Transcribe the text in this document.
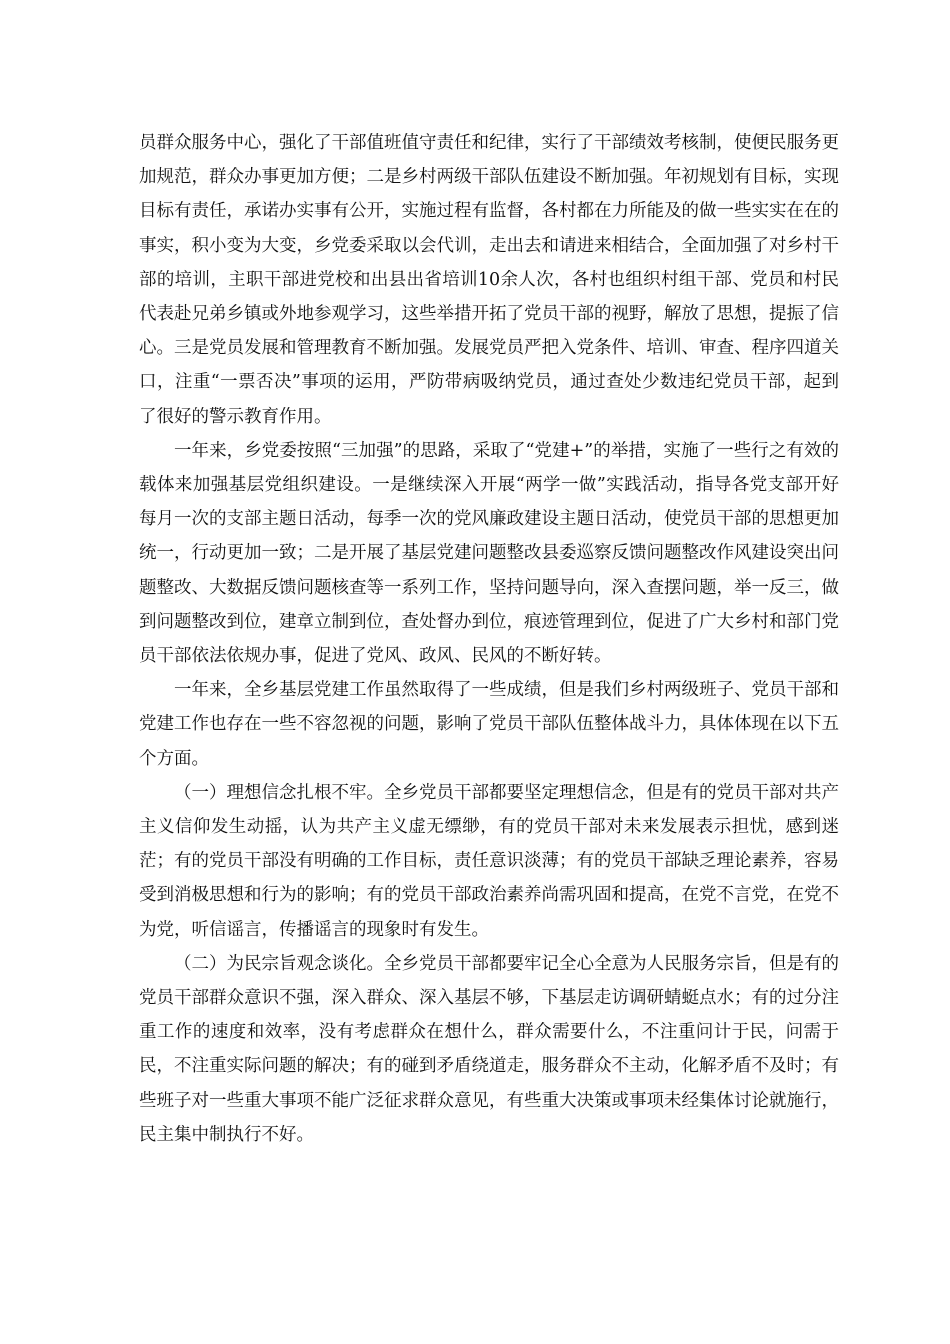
员群众服务中心，强化了干部值班值守责任和纪律，实行了干部绩效考核制，使便民服务更加规范，群众办事更加方便；二是乡村两级干部队伍建设不断加强。年初规划有目标，实现目标有责任，承诺办实事有公开，实施过程有监督，各村都在力所能及的做一些实实在在的事实，积小变为大变，乡党委采取以会代训，走出去和请进来相结合，全面加强了对乡村干部的培训，主职干部进党校和出县出省培训10余人次，各村也组织村组干部、党员和村民代表赴兄弟乡镇或外地参观学习，这些举措开拓了党员干部的视野，解放了思想，提振了信心。三是党员发展和管理教育不断加强。发展党员严把入党条件、培训、审查、程序四道关口，注重“一票否决”事项的运用，严防带病吸纳党员，通过查处少数违纪党员干部，起到了很好的警示教育作用。

一年来，乡党委按照“三加强”的思路，采取了“党建+”的举措，实施了一些行之有效的载体来加强基层党组织建设。一是继续深入开展“两学一做”实践活动，指导各党支部开好每月一次的支部主题日活动，每季一次的党风廉政建设主题日活动，使党员干部的思想更加统一，行动更加一致；二是开展了基层党建问题整改县委巡察反馈问题整改作风建设突出问题整改、大数据反馈问题核查等一系列工作，坚持问题导向，深入查摆问题，举一反三，做到问题整改到位，建章立制到位，查处督办到位，痕迹管理到位，促进了广大乡村和部门党员干部依法依规办事，促进了党风、政风、民风的不断好转。

一年来，全乡基层党建工作虽然取得了一些成绩，但是我们乡村两级班子、党员干部和党建工作也存在一些不容忽视的问题，影响了党员干部队伍整体战斗力，具体体现在以下五个方面。

（一）理想信念扎根不牢。全乡党员干部都要坚定理想信念，但是有的党员干部对共产主义信仰发生动摇，认为共产主义虚无缥缈，有的党员干部对未来发展表示担忧，感到迷茫；有的党员干部没有明确的工作目标，责任意识淡薄；有的党员干部缺乏理论素养，容易受到消极思想和行为的影响；有的党员干部政治素养尚需巩固和提高，在党不言党，在党不为党，听信谣言，传播谣言的现象时有发生。

（二）为民宗旨观念谈化。全乡党员干部都要牢记全心全意为人民服务宗旨，但是有的党员干部群众意识不强，深入群众、深入基层不够，下基层走访调研蜻蜓点水；有的过分注重工作的速度和效率，没有考虑群众在想什么，群众需要什么，不注重问计于民，问需于民，不注重实际问题的解决；有的碰到矛盾绕道走，服务群众不主动，化解矛盾不及时；有些班子对一些重大事项不能广泛征求群众意见，有些重大决策或事项未经集体讨论就施行，民主集中制执行不好。
